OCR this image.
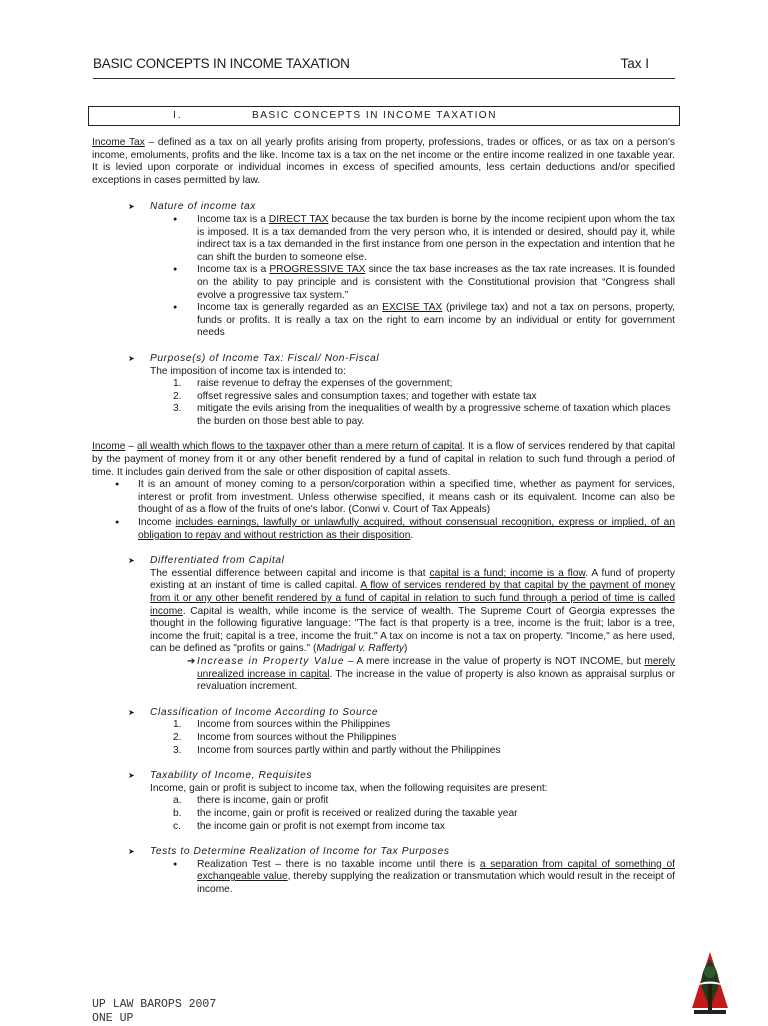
BASIC CONCEPTS IN INCOME TAXATION	Tax I
I.	BASIC CONCEPTS IN INCOME TAXATION

Income Tax – defined as a tax on all yearly profits arising from property, professions, trades or offices, or as tax on a person's income, emoluments, profits and the like. Income tax is a tax on the net income or the entire income realized in one taxable year. It is levied upon corporate or individual incomes in excess of specified amounts, less certain deductions and/or specified exceptions in cases permitted by law.

➤ Nature of income tax

● Income tax is a DIRECT TAX because the tax burden is borne by the income recipient upon whom the tax is imposed. It is a tax demanded from the very person who, it is intended or desired, should pay it, while indirect tax is a tax demanded in the first instance from one person in the expectation and intention that he can shift the burden to someone else.

● Income tax is a PROGRESSIVE TAX since the tax base increases as the tax rate increases. It is founded on the ability to pay principle and is consistent with the Constitutional provision that “Congress shall evolve a progressive tax system.”

● Income tax is generally regarded as an EXCISE TAX (privilege tax) and not a tax on persons, property, funds or profits. It is really a tax on the right to earn income by an individual or entity for government needs

➤ Purpose(s) of Income Tax: Fiscal/ Non-Fiscal

The imposition of income tax is intended to:

1. raise revenue to defray the expenses of the government;

2. offset regressive sales and consumption taxes; and together with estate tax

3. mitigate the evils arising from the inequalities of wealth by a progressive scheme of taxation which places the burden on those best able to pay.

Income – all wealth which flows to the taxpayer other than a mere return of capital. It is a flow of services rendered by that capital by the payment of money from it or any other benefit rendered by a fund of capital in relation to such fund through a period of time. It includes gain derived from the sale or other disposition of capital assets.

● It is an amount of money coming to a person/corporation within a specified time, whether as payment for services, interest or profit from investment. Unless otherwise specified, it means cash or its equivalent. Income can also be thought of as a flow of the fruits of one's labor. (Conwi v. Court of Tax Appeals)

● Income includes earnings, lawfully or unlawfully acquired, without consensual recognition, express or implied, of an obligation to repay and without restriction as their disposition.

➤ Differentiated from Capital

The essential difference between capital and income is that capital is a fund; income is a flow. A fund of property existing at an instant of time is called capital. A flow of services rendered by that capital by the payment of money from it or any other benefit rendered by a fund of capital in relation to such fund through a period of time is called income. Capital is wealth, while income is the service of wealth. The Supreme Court of Georgia expresses the thought in the following figurative language: "The fact is that property is a tree, income is the fruit; labor is a tree, income the fruit; capital is a tree, income the fruit." A tax on income is not a tax on property. "Income," as here used, can be defined as "profits or gains." (Madrigal v. Rafferty)

➔ Increase in Property Value – A mere increase in the value of property is NOT INCOME, but merely unrealized increase in capital. The increase in the value of property is also known as appraisal surplus or revaluation increment.

➤ Classification of Income According to Source

1. Income from sources within the Philippines

2. Income from sources without the Philippines

3. Income from sources partly within and partly without the Philippines

➤ Taxability of Income, Requisites

Income, gain or profit is subject to income tax, when the following requisites are present:

a. there is income, gain or profit

b. the income, gain or profit is received or realized during the taxable year

c. the income gain or profit is not exempt from income tax

➤ Tests to Determine Realization of Income for Tax Purposes

● Realization Test – there is no taxable income until there is a separation from capital of something of exchangeable value, thereby supplying the realization or transmutation which would result in the receipt of income.

UP LAW BAROPS 2007
ONE UP
